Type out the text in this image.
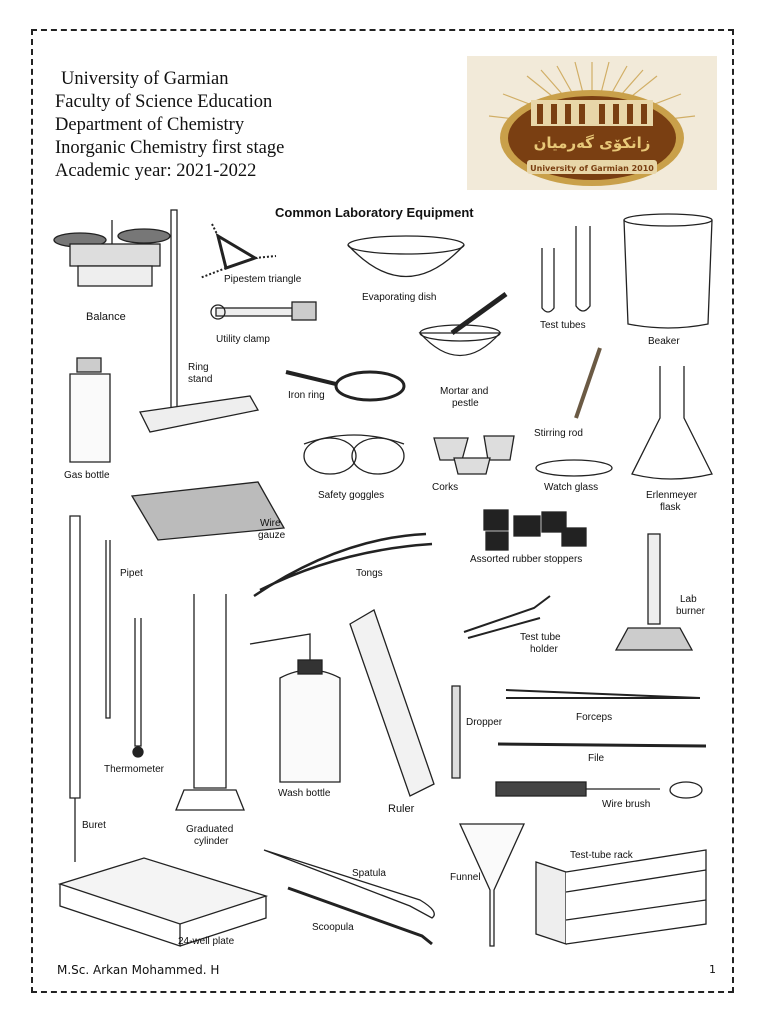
University of Garmian
Faculty of Science Education
Department of Chemistry
Inorganic Chemistry first stage
Academic year: 2021-2022
زانكۆی گەرمیان
University of Garmian 2010
Common Laboratory Equipment
Balance
Ring
stand
Pipestem triangle
Utility clamp
Iron ring
Evaporating dish
Mortar and
pestle
Test tubes
Beaker
Gas bottle
Stirring rod
Safety goggles
Corks	Watch glass
Erlenmeyer
flask
Wire
gauze
Tongs
Assorted rubber stoppers
Buret
Pipet
Thermometer
Graduated
cylinder
Wash bottle
Ruler
Test tube
holder
Lab
burner
Dropper	Forceps
File
Wire brush
Spatula
Scoopula
Funnel
Test-tube rack
24-well plate
M.Sc. Arkan Mohammed. H	1
